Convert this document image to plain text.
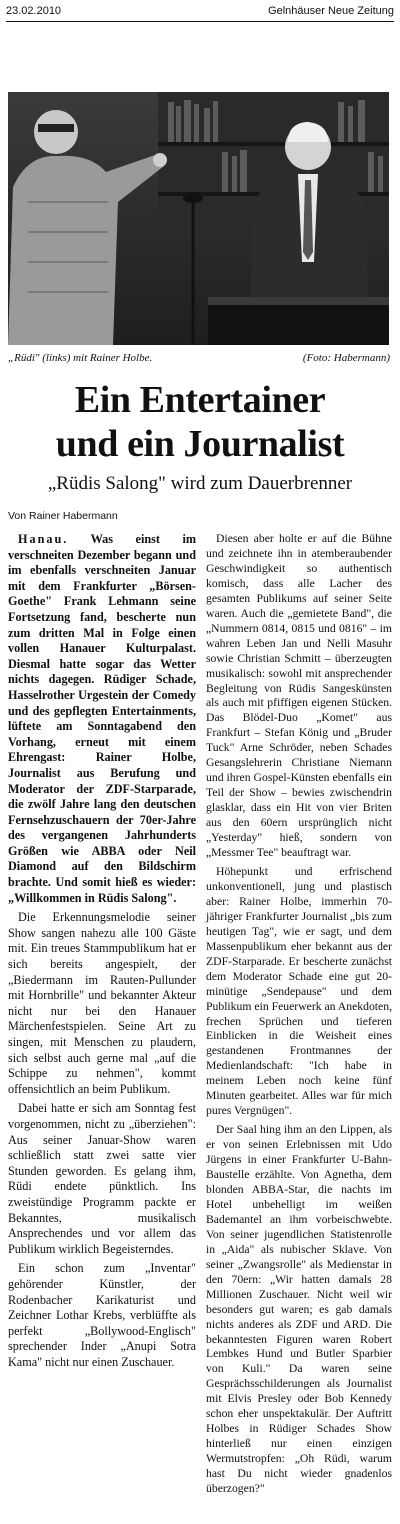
23.02.2010	Gelnhäuser Neue Zeitung
„Rüdi" (links) mit Rainer Holbe.	(Foto: Habermann)
Ein Entertainer
und ein Journalist
„Rüdis Salong" wird zum Dauerbrenner
Von Rainer Habermann

Hanau. Was einst im verschneiten Dezember begann und im ebenfalls verschneiten Januar mit dem Frankfurter „Börsen-Goethe" Frank Lehmann seine Fortsetzung fand, bescherte nun zum dritten Mal in Folge einen vollen Hanauer Kulturpalast. Diesmal hatte sogar das Wetter nichts dagegen. Rüdiger Schade, Hasselrother Urgestein der Comedy und des gepflegten Entertainments, lüftete am Sonntagabend den Vorhang, erneut mit einem Ehrengast: Rainer Holbe, Journalist aus Berufung und Moderator der ZDF-Starparade, die zwölf Jahre lang den deutschen Fernsehzuschauern der 70er-Jahre des vergangenen Jahrhunderts Größen wie ABBA oder Neil Diamond auf den Bildschirm brachte. Und somit hieß es wieder: „Willkommen in Rüdis Salong".

Die Erkennungsmelodie seiner Show sangen nahezu alle 100 Gäste mit. Ein treues Stammpublikum hat er sich bereits angespielt, der „Biedermann im Rauten-Pullunder mit Hornbrille" und bekannter Akteur nicht nur bei den Hanauer Märchenfestspielen. Seine Art zu singen, mit Menschen zu plaudern, sich selbst auch gerne mal „auf die Schippe zu nehmen", kommt offensichtlich an beim Publikum.

Dabei hatte er sich am Sonntag fest vorgenommen, nicht zu „überziehen": Aus seiner Januar-Show waren schließlich statt zwei satte vier Stunden geworden. Es gelang ihm, Rüdi endete pünktlich. Ins zweistündige Programm packte er Bekanntes, musikalisch Ansprechendes und vor allem das Publikum wirklich Begeisterndes.

Ein schon zum „Inventar" gehörender Künstler, der Rodenbacher Karikaturist und Zeichner Lothar Krebs, verblüffte als perfekt „Bollywood-Englisch" sprechender Inder „Anupi Sotra Kama" nicht nur einen Zuschauer.

Diesen aber holte er auf die Bühne und zeichnete ihn in atemberaubender Geschwindigkeit so authentisch komisch, dass alle Lacher des gesamten Publikums auf seiner Seite waren. Auch die „gemietete Band", die „Nummern 0814, 0815 und 0816" – im wahren Leben Jan und Nelli Masuhr sowie Christian Schmitt – überzeugten musikalisch: sowohl mit ansprechender Begleitung von Rüdis Sangeskünsten als auch mit pfiffigen eigenen Stücken. Das Blödel-Duo „Komet" aus Frankfurt – Stefan König und „Bruder Tuck" Arne Schröder, neben Schades Gesangslehrerin Christiane Niemann und ihren Gospel-Künsten ebenfalls ein Teil der Show – bewies zwischendrin glasklar, dass ein Hit von vier Briten aus den 60ern ursprünglich nicht „Yesterday" hieß, sondern von „Messmer Tee" beauftragt war.

Höhepunkt und erfrischend unkonventionell, jung und plastisch aber: Rainer Holbe, immerhin 70-jähriger Frankfurter Journalist „bis zum heutigen Tag", wie er sagt, und dem Massenpublikum eher bekannt aus der ZDF-Starparade. Er bescherte zunächst dem Moderator Schade eine gut 20-minütige „Sendepause" und dem Publikum ein Feuerwerk an Anekdoten, frechen Sprüchen und tieferen Einblicken in die Weisheit eines gestandenen Frontmannes der Medienlandschaft: "Ich habe in meinem Leben noch keine fünf Minuten gearbeitet. Alles war für mich pures Vergnügen".

Der Saal hing ihm an den Lippen, als er von seinen Erlebnissen mit Udo Jürgens in einer Frankfurter U-Bahn-Baustelle erzählte. Von Agnetha, dem blonden ABBA-Star, die nachts im Hotel unbehelligt im weißen Bademantel an ihm vorbeischwebte. Von seiner jugendlichen Statistenrolle in „Aida" als nubischer Sklave. Von seiner „Zwangsrolle" als Medienstar in den 70ern: „Wir hatten damals 28 Millionen Zuschauer. Nicht weil wir besonders gut waren; es gab damals nichts anderes als ZDF und ARD. Die bekanntesten Figuren waren Robert Lembkes Hund und Butler Sparbier von Kuli." Da waren seine Gesprächsschilderungen als Journalist mit Elvis Presley oder Bob Kennedy schon eher unspektakulär. Der Auftritt Holbes in Rüdiger Schades Show hinterließ nur einen einzigen Wermutstropfen: „Oh Rüdi, warum hast Du nicht wieder gnadenlos überzogen?"
